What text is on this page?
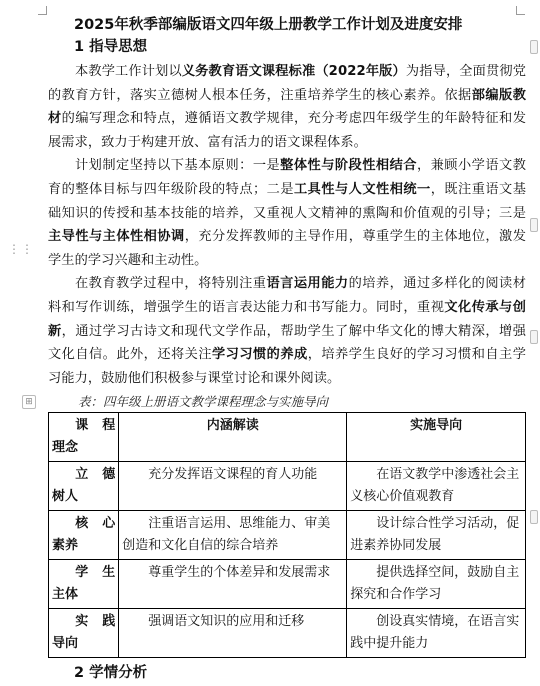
⋮⋮
2025年秋季部编版语文四年级上册教学工作计划及进度安排
1 指导思想

本教学工作计划以义务教育语文课程标准（2022年版）为指导，全面贯彻党的教育方针，落实立德树人根本任务，注重培养学生的核心素养。依据部编版教材的编写理念和特点，遵循语文教学规律，充分考虑四年级学生的年龄特征和发展需求，致力于构建开放、富有活力的语文课程体系。

计划制定坚持以下基本原则：一是整体性与阶段性相结合，兼顾小学语文教育的整体目标与四年级阶段的特点；二是工具性与人文性相统一，既注重语文基础知识的传授和基本技能的培养，又重视人文精神的熏陶和价值观的引导；三是主导性与主体性相协调，充分发挥教师的主导作用，尊重学生的主体地位，激发学生的学习兴趣和主动性。

在教育教学过程中，将特别注重语言运用能力的培养，通过多样化的阅读材料和写作训练，增强学生的语言表达能力和书写能力。同时，重视文化传承与创新，通过学习古诗文和现代文学作品，帮助学生了解中华文化的博大精深，增强文化自信。此外，还将关注学习习惯的养成，培养学生良好的学习习惯和自主学习能力，鼓励他们积极参与课堂讨论和课外阅读。

⊞	表：四年级上册语文教学课程理念与实施导向
课程
理念	内涵解读	实施导向

立德
树人	充分发挥语文课程的育人功能	在语文教学中渗透社会主义核心价值观教育

核心
素养	注重语言运用、思维能力、审美创造和文化自信的综合培养	设计综合性学习活动，促进素养协同发展

学生
主体	尊重学生的个体差异和发展需求	提供选择空间，鼓励自主探究和合作学习

实践
导向	强调语文知识的应用和迁移	创设真实情境，在语言实践中提升能力
2 学情分析
